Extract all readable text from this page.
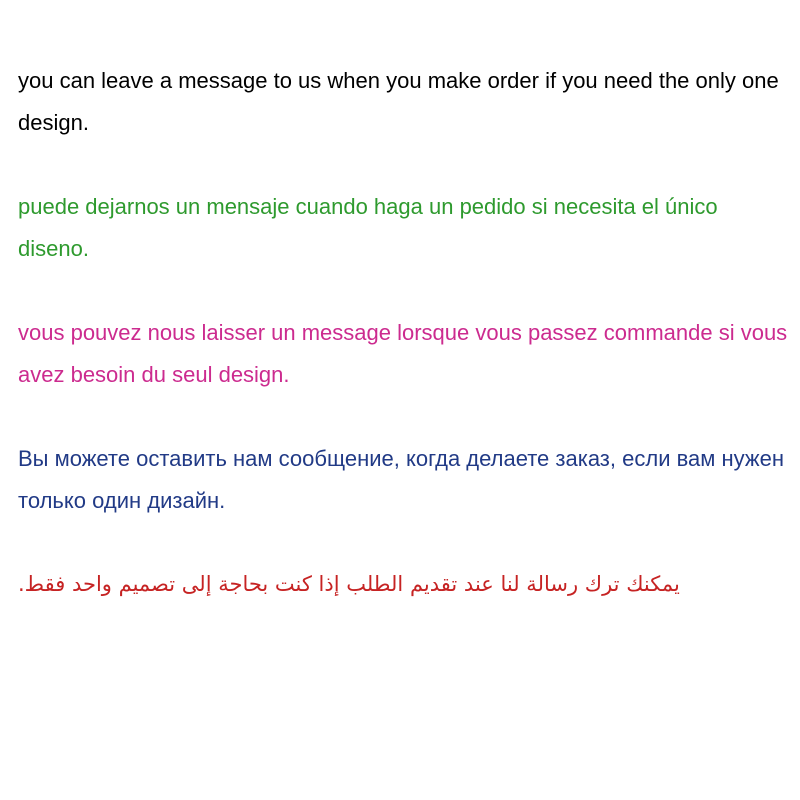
you can leave a message to us when you make order if you need the only one design.

puede dejarnos un mensaje cuando haga un pedido si necesita el único diseno.

vous pouvez nous laisser un message lorsque vous passez commande si vous avez besoin du seul design.

Вы можете оставить нам сообщение, когда делаете заказ, если вам нужен только один дизайн.

يمكنك ترك رسالة لنا عند تقديم الطلب إذا كنت بحاجة إلى تصميم واحد فقط.
